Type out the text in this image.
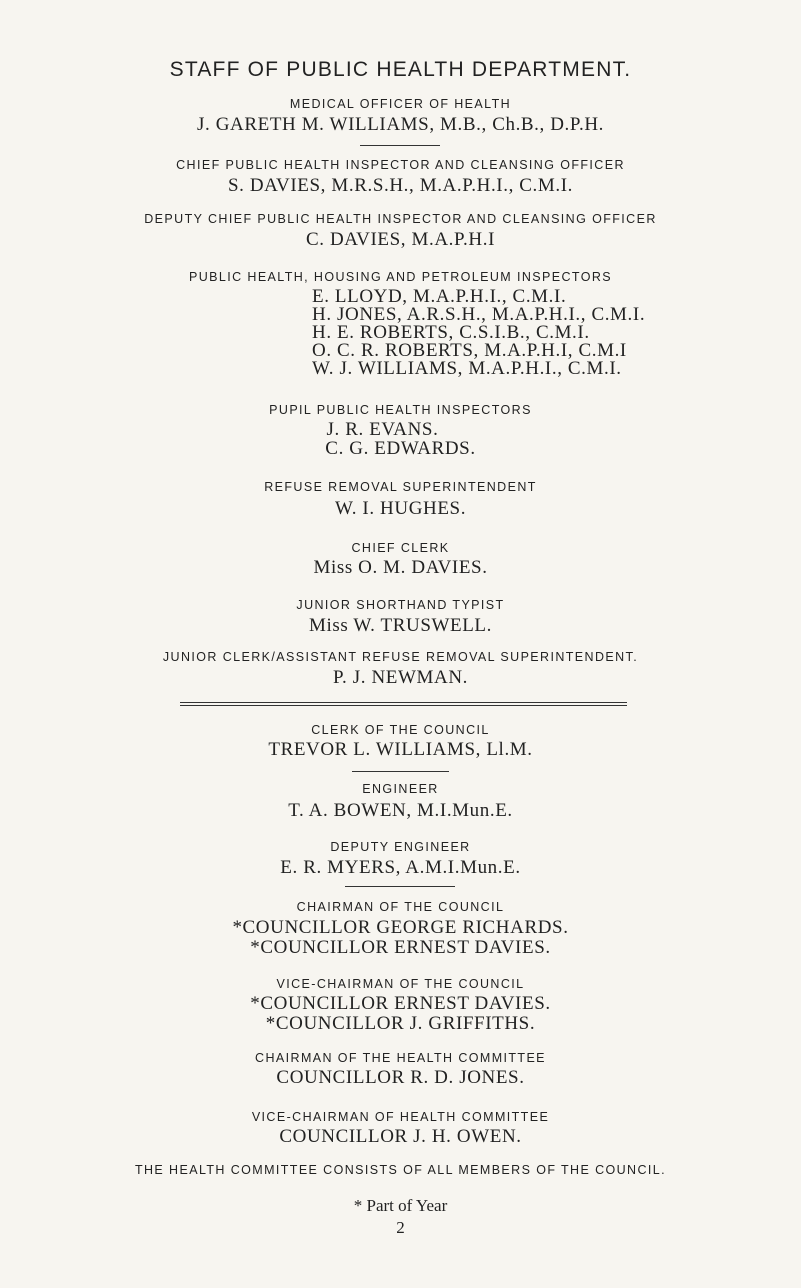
STAFF OF PUBLIC HEALTH DEPARTMENT.
MEDICAL OFFICER OF HEALTH
J. GARETH M. WILLIAMS, M.B., Ch.B., D.P.H.
CHIEF PUBLIC HEALTH INSPECTOR AND CLEANSING OFFICER
S. DAVIES, M.R.S.H., M.A.P.H.I., C.M.I.
DEPUTY CHIEF PUBLIC HEALTH INSPECTOR AND CLEANSING OFFICER
C. DAVIES, M.A.P.H.I
PUBLIC HEALTH, HOUSING AND PETROLEUM INSPECTORS
E. LLOYD, M.A.P.H.I., C.M.I.
H. JONES, A.R.S.H., M.A.P.H.I., C.M.I.
H. E. ROBERTS, C.S.I.B., C.M.I.
O. C. R. ROBERTS, M.A.P.H.I, C.M.I
W. J. WILLIAMS, M.A.P.H.I., C.M.I.
PUPIL PUBLIC HEALTH INSPECTORS
J. R. EVANS.
C. G. EDWARDS.
REFUSE REMOVAL SUPERINTENDENT
W. I. HUGHES.
CHIEF CLERK
Miss O. M. DAVIES.
JUNIOR SHORTHAND TYPIST
Miss W. TRUSWELL.
JUNIOR CLERK/ASSISTANT REFUSE REMOVAL SUPERINTENDENT.
P. J. NEWMAN.
CLERK OF THE COUNCIL
TREVOR L. WILLIAMS, Ll.M.
ENGINEER
T. A. BOWEN, M.I.Mun.E.
DEPUTY ENGINEER
E. R. MYERS, A.M.I.Mun.E.
CHAIRMAN OF THE COUNCIL
*COUNCILLOR GEORGE RICHARDS.
*COUNCILLOR ERNEST DAVIES.
VICE-CHAIRMAN OF THE COUNCIL
*COUNCILLOR ERNEST DAVIES.
*COUNCILLOR J. GRIFFITHS.
CHAIRMAN OF THE HEALTH COMMITTEE
COUNCILLOR R. D. JONES.
VICE-CHAIRMAN OF HEALTH COMMITTEE
COUNCILLOR J. H. OWEN.
THE HEALTH COMMITTEE CONSISTS OF ALL MEMBERS OF THE COUNCIL.
* Part of Year
2
